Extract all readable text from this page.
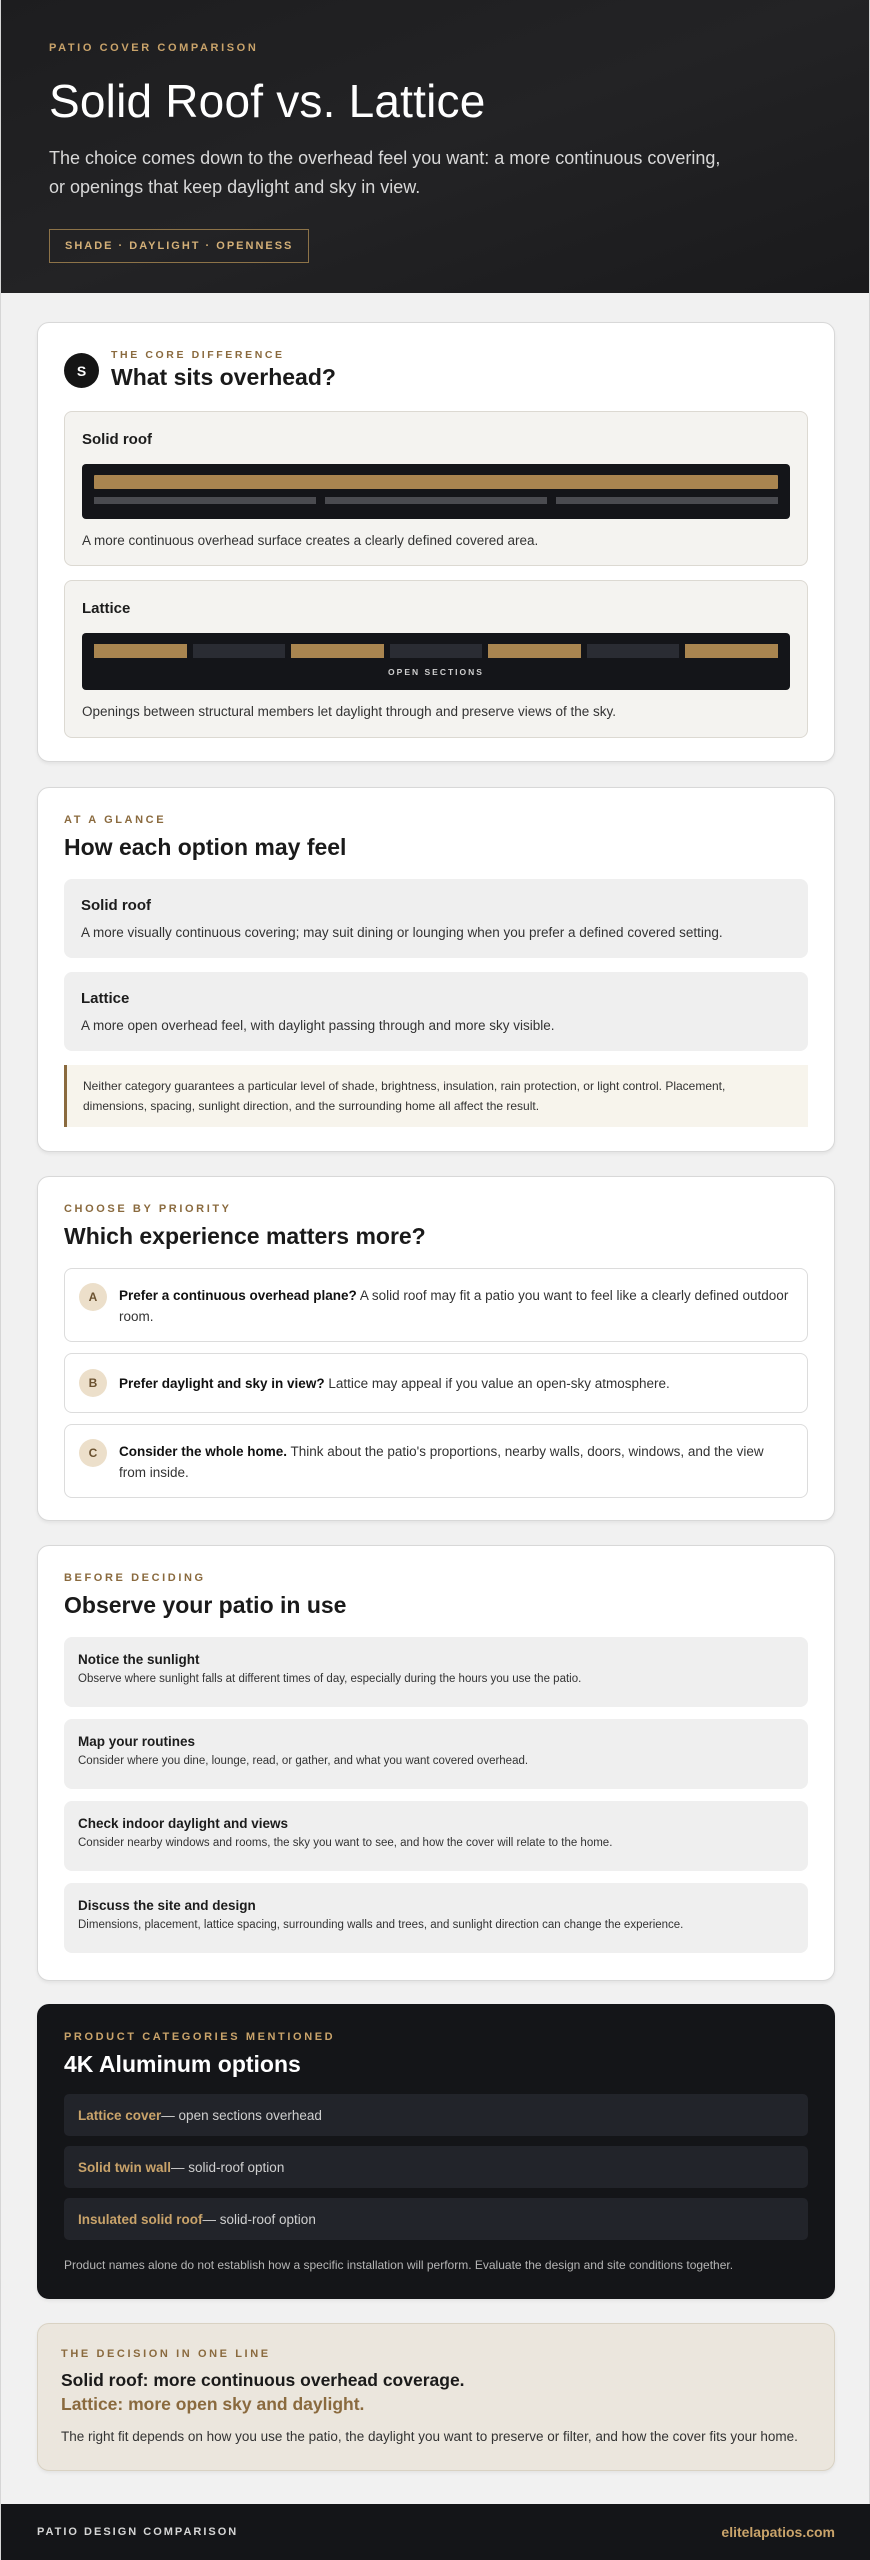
PATIO COVER COMPARISON
Solid Roof vs. Lattice

The choice comes down to the overhead feel you want: a more continuous covering, or openings that keep daylight and sky in view.

SHADE · DAYLIGHT · OPENNESS
S
THE CORE DIFFERENCE
What sits overhead?
Solid roof

A more continuous overhead surface creates a clearly defined covered area.

Lattice
OPEN SECTIONS

Openings between structural members let daylight through and preserve views of the sky.

AT A GLANCE
How each option may feel
Solid roof

A more visually continuous covering; may suit dining or lounging when you prefer a defined covered setting.

Lattice

A more open overhead feel, with daylight passing through and more sky visible.

Neither category guarantees a particular level of shade, brightness, insulation, rain protection, or light control. Placement, dimensions, spacing, sunlight direction, and the surrounding home all affect the result.
CHOOSE BY PRIORITY
Which experience matters more?
A	Prefer a continuous overhead plane? A solid roof may fit a patio you want to feel like a clearly defined outdoor room.
B	Prefer daylight and sky in view? Lattice may appeal if you value an open-sky atmosphere.
C	Consider the whole home. Think about the patio's proportions, nearby walls, doors, windows, and the view from inside.
BEFORE DECIDING
Observe your patio in use
Notice the sunlight

Observe where sunlight falls at different times of day, especially during the hours you use the patio.

Map your routines

Consider where you dine, lounge, read, or gather, and what you want covered overhead.

Check indoor daylight and views

Consider nearby windows and rooms, the sky you want to see, and how the cover will relate to the home.

Discuss the site and design

Dimensions, placement, lattice spacing, surrounding walls and trees, and sunlight direction can change the experience.

PRODUCT CATEGORIES MENTIONED
4K Aluminum options
Lattice cover — open sections overhead
Solid twin wall — solid-roof option
Insulated solid roof — solid-roof option

Product names alone do not establish how a specific installation will perform. Evaluate the design and site conditions together.

THE DECISION IN ONE LINE
Solid roof: more continuous overhead coverage.
Lattice: more open sky and daylight.

The right fit depends on how you use the patio, the daylight you want to preserve or filter, and how the cover fits your home.

PATIO DESIGN COMPARISON	elitelapatios.com
